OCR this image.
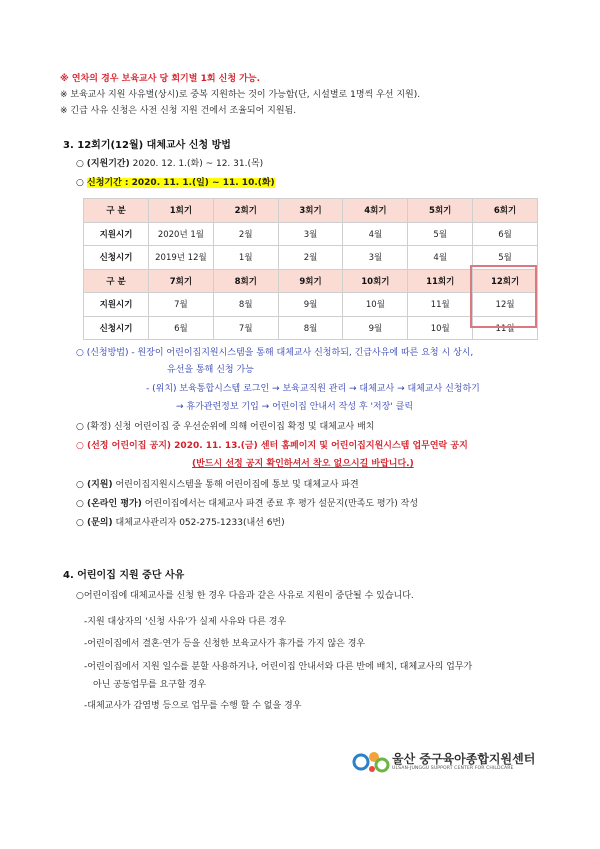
※ 연차의 경우 보육교사 당 회기별 1회 신청 가능.
※ 보육교사 지원 사유별(상시)로 중복 지원하는 것이 가능함(단, 시설별로 1명씩 우선 지원).
※ 긴급 사유 신청은 사전 신청 지원 건에서 조율되어 지원됨.
3. 12회기(12월) 대체교사 신청 방법
○ (지원기간) 2020. 12. 1.(화) ~ 12. 31.(목)
○ 신청기간 : 2020. 11. 1.(일) ~ 11. 10.(화)
구 분	1회기	2회기	3회기	4회기	5회기	6회기
지원시기	2020년 1월	2월	3월	4월	5월	6월
신청시기	2019년 12월	1월	2월	3월	4월	5월
구 분	7회기	8회기	9회기	10회기	11회기	12회기
지원시기	7월	8월	9월	10월	11월	12월
신청시기	6월	7월	8월	9월	10월	11월
○ (신청방법) - 원장이 어린이집지원시스템을 통해 대체교사 신청하되, 긴급사유에 따른 요청 시 상시,
유선을 통해 신청 가능
- (위치) 보육통합시스템 로그인 → 보육교직원 관리 → 대체교사 → 대체교사 신청하기
→ 휴가관련정보 기입 → 어린이집 안내서 작성 후 '저장' 클릭
○ (확정) 신청 어린이집 중 우선순위에 의해 어린이집 확정 및 대체교사 배치
○ (선정 어린이집 공지) 2020. 11. 13.(금) 센터 홈페이지 및 어린이집지원시스템 업무연락 공지
(반드시 선정 공지 확인하셔서 착오 없으시길 바랍니다.)
○ (지원) 어린이집지원시스템을 통해 어린이집에 통보 및 대체교사 파견
○ (온라인 평가) 어린이집에서는 대체교사 파견 종료 후 평가 설문지(만족도 평가) 작성
○ (문의) 대체교사관리자 052-275-1233(내선 6번)
4. 어린이집 지원 중단 사유
○어린이집에 대체교사를 신청 한 경우 다음과 같은 사유로 지원이 중단될 수 있습니다.
-지원 대상자의 '신청 사유'가 실제 사유와 다른 경우
-어린이집에서 결혼·연가 등을 신청한 보육교사가 휴가를 가지 않은 경우
-어린이집에서 지원 일수를 분할 사용하거나, 어린이집 안내서와 다른 반에 배치, 대체교사의 업무가
아닌 공동업무를 요구할 경우
-대체교사가 감염병 등으로 업무를 수행 할 수 없을 경우
울산 중구육아종합지원센터
ULSAN-JUNGGU SUPPORT CENTER FOR CHILDCARE
